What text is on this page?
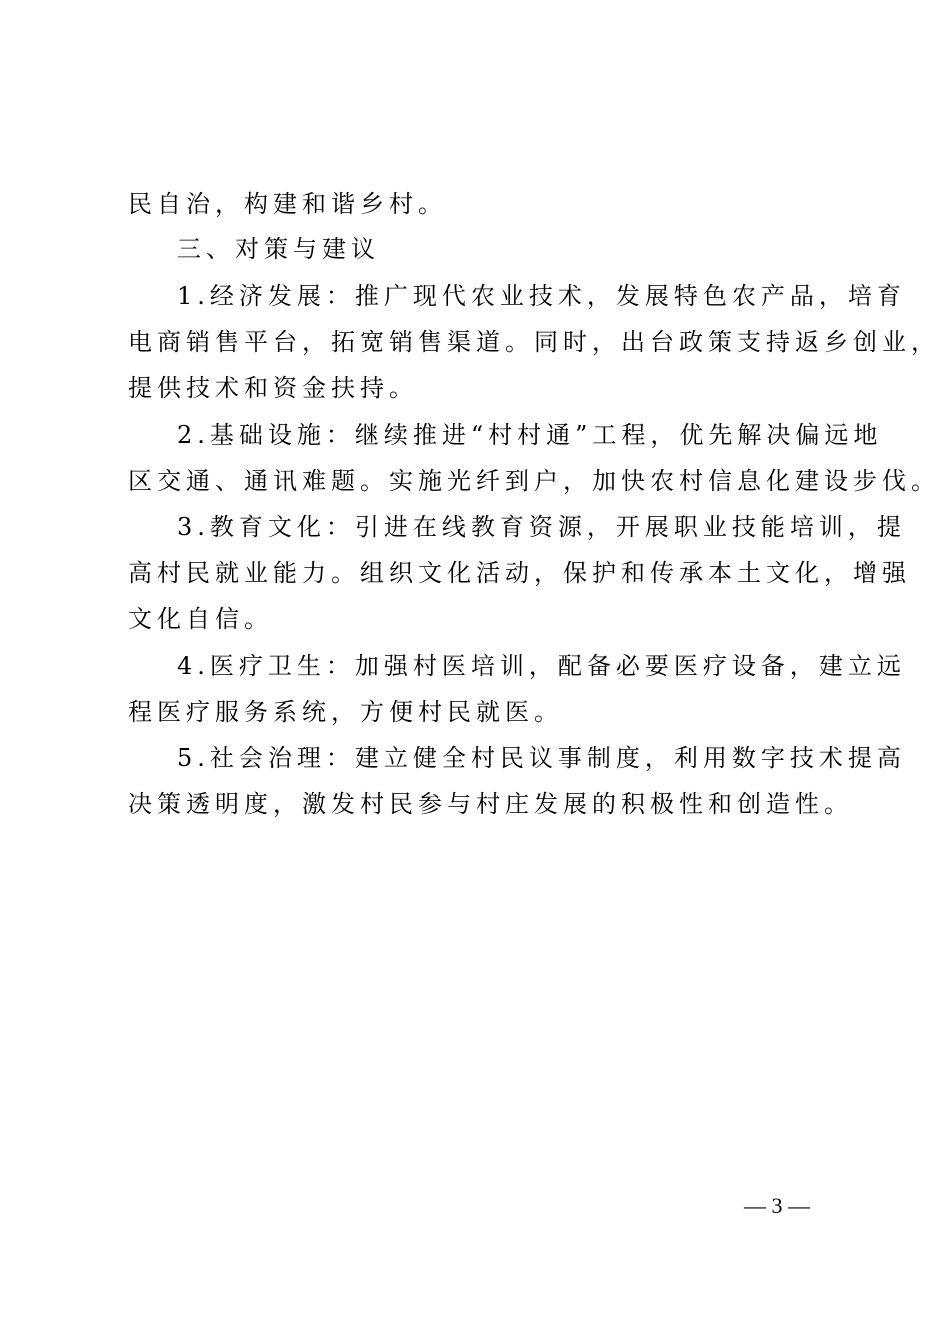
民自治，构建和谐乡村。
三、对策与建议
1.经济发展：推广现代农业技术，发展特色农产品，培育
电商销售平台，拓宽销售渠道。同时，出台政策支持返乡创业，
提供技术和资金扶持。
2.基础设施：继续推进“村村通”工程，优先解决偏远地
区交通、通讯难题。实施光纤到户，加快农村信息化建设步伐。
3.教育文化：引进在线教育资源，开展职业技能培训，提
高村民就业能力。组织文化活动，保护和传承本土文化，增强
文化自信。
4.医疗卫生：加强村医培训，配备必要医疗设备，建立远
程医疗服务系统，方便村民就医。
5.社会治理：建立健全村民议事制度，利用数字技术提高
决策透明度，激发村民参与村庄发展的积极性和创造性。
— 3 —
